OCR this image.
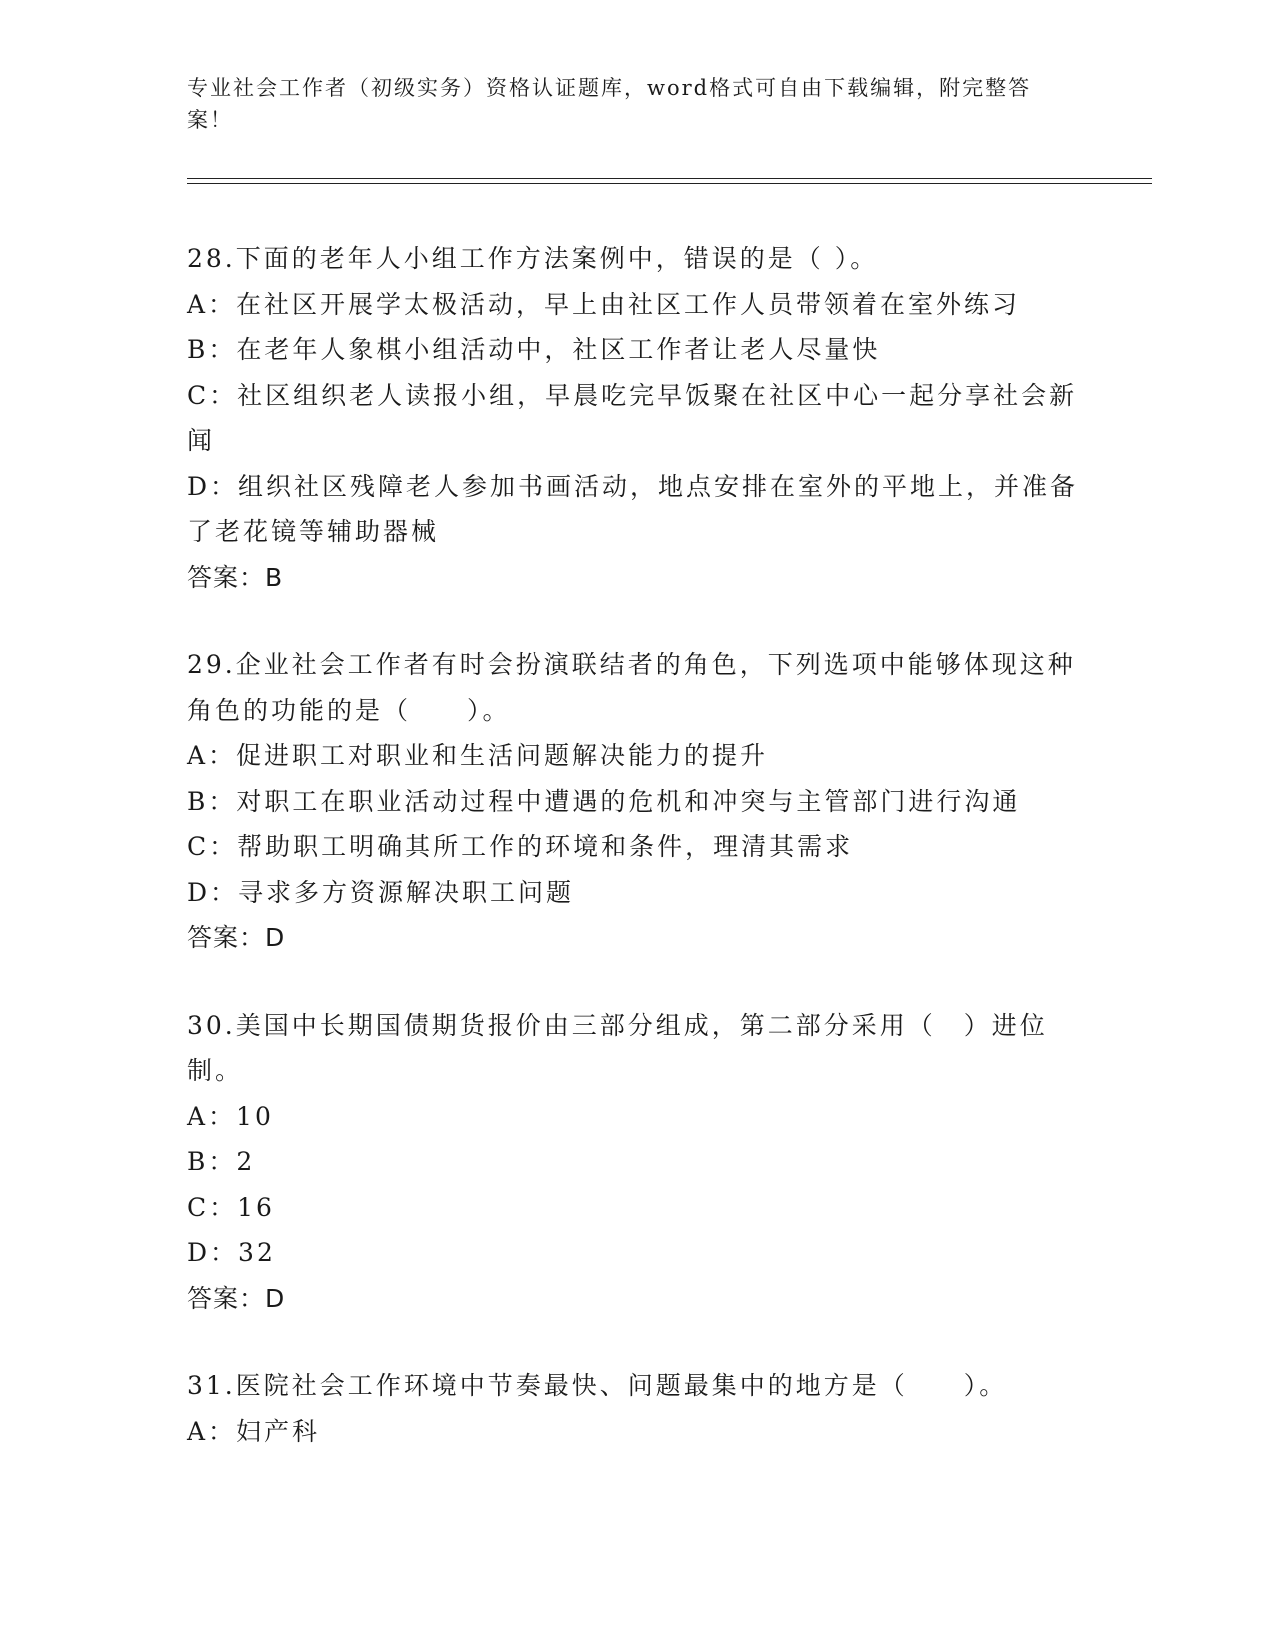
专业社会工作者（初级实务）资格认证题库，word格式可自由下载编辑，附完整答案！
28.下面的老年人小组工作方法案例中，错误的是（ ）。
A：在社区开展学太极活动，早上由社区工作人员带领着在室外练习
B：在老年人象棋小组活动中，社区工作者让老人尽量快
C：社区组织老人读报小组，早晨吃完早饭聚在社区中心一起分享社会新闻
D：组织社区残障老人参加书画活动，地点安排在室外的平地上，并准备了老花镜等辅助器械
答案：B
29.企业社会工作者有时会扮演联结者的角色，下列选项中能够体现这种角色的功能的是（　　）。
A：促进职工对职业和生活问题解决能力的提升
B：对职工在职业活动过程中遭遇的危机和冲突与主管部门进行沟通
C：帮助职工明确其所工作的环境和条件，理清其需求
D：寻求多方资源解决职工问题
答案：D
30.美国中长期国债期货报价由三部分组成，第二部分采用（　）进位制。
A：10
B：2
C：16
D：32
答案：D
31.医院社会工作环境中节奏最快、问题最集中的地方是（　　）。
A：妇产科
